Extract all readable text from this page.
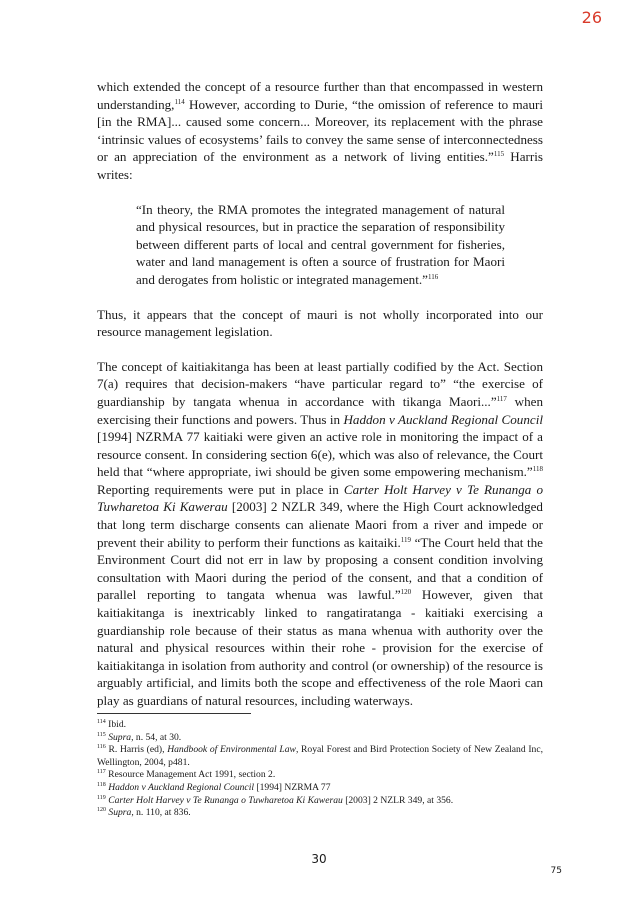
26

which extended the concept of a resource further than that encompassed in western understanding,$^{114}$ However, according to Durie, “the omission of reference to mauri [in the RMA]... caused some concern... Moreover, its replacement with the phrase ‘intrinsic values of ecosystems’ fails to convey the same sense of interconnectedness or an appreciation of the environment as a network of living entities.”$^{115}$ Harris writes:

“In theory, the RMA promotes the integrated management of natural and physical resources, but in practice the separation of responsibility between different parts of local and central government for fisheries, water and land management is often a source of frustration for Maori and derogates from holistic or integrated management.”$^{116}$

Thus, it appears that the concept of mauri is not wholly incorporated into our resource management legislation.

The concept of kaitiakitanga has been at least partially codified by the Act. Section 7(a) requires that decision-makers “have particular regard to” “the exercise of guardianship by tangata whenua in accordance with tikanga Maori...”$^{117}$ when exercising their functions and powers. Thus in Haddon v Auckland Regional Council [1994] NZRMA 77 kaitiaki were given an active role in monitoring the impact of a resource consent. In considering section 6(e), which was also of relevance, the Court held that “where appropriate, iwi should be given some empowering mechanism.”$^{118}$ Reporting requirements were put in place in Carter Holt Harvey v Te Runanga o Tuwharetoa Ki Kawerau [2003] 2 NZLR 349, where the High Court acknowledged that long term discharge consents can alienate Maori from a river and impede or prevent their ability to perform their functions as kaitaiki.$^{119}$ “The Court held that the Environment Court did not err in law by proposing a consent condition involving consultation with Maori during the period of the consent, and that a condition of parallel reporting to tangata whenua was lawful.”$^{120}$ However, given that kaitiakitanga is inextricably linked to rangatiratanga - kaitiaki exercising a guardianship role because of their status as mana whenua with authority over the natural and physical resources within their rohe - provision for the exercise of kaitiakitanga in isolation from authority and control (or ownership) of the resource is arguably artificial, and limits both the scope and effectiveness of the role Maori can play as guardians of natural resources, including waterways.

$^{114}$ Ibid.
$^{115}$ Supra, n. 54, at 30.
$^{116}$ R. Harris (ed), Handbook of Environmental Law, Royal Forest and Bird Protection Society of New Zealand Inc, Wellington, 2004, p481.
$^{117}$ Resource Management Act 1991, section 2.
$^{118}$ Haddon v Auckland Regional Council [1994] NZRMA 77
$^{119}$ Carter Holt Harvey v Te Runanga o Tuwharetoa Ki Kawerau [2003] 2 NZLR 349, at 356.
$^{120}$ Supra, n. 110, at 836.
30
75
